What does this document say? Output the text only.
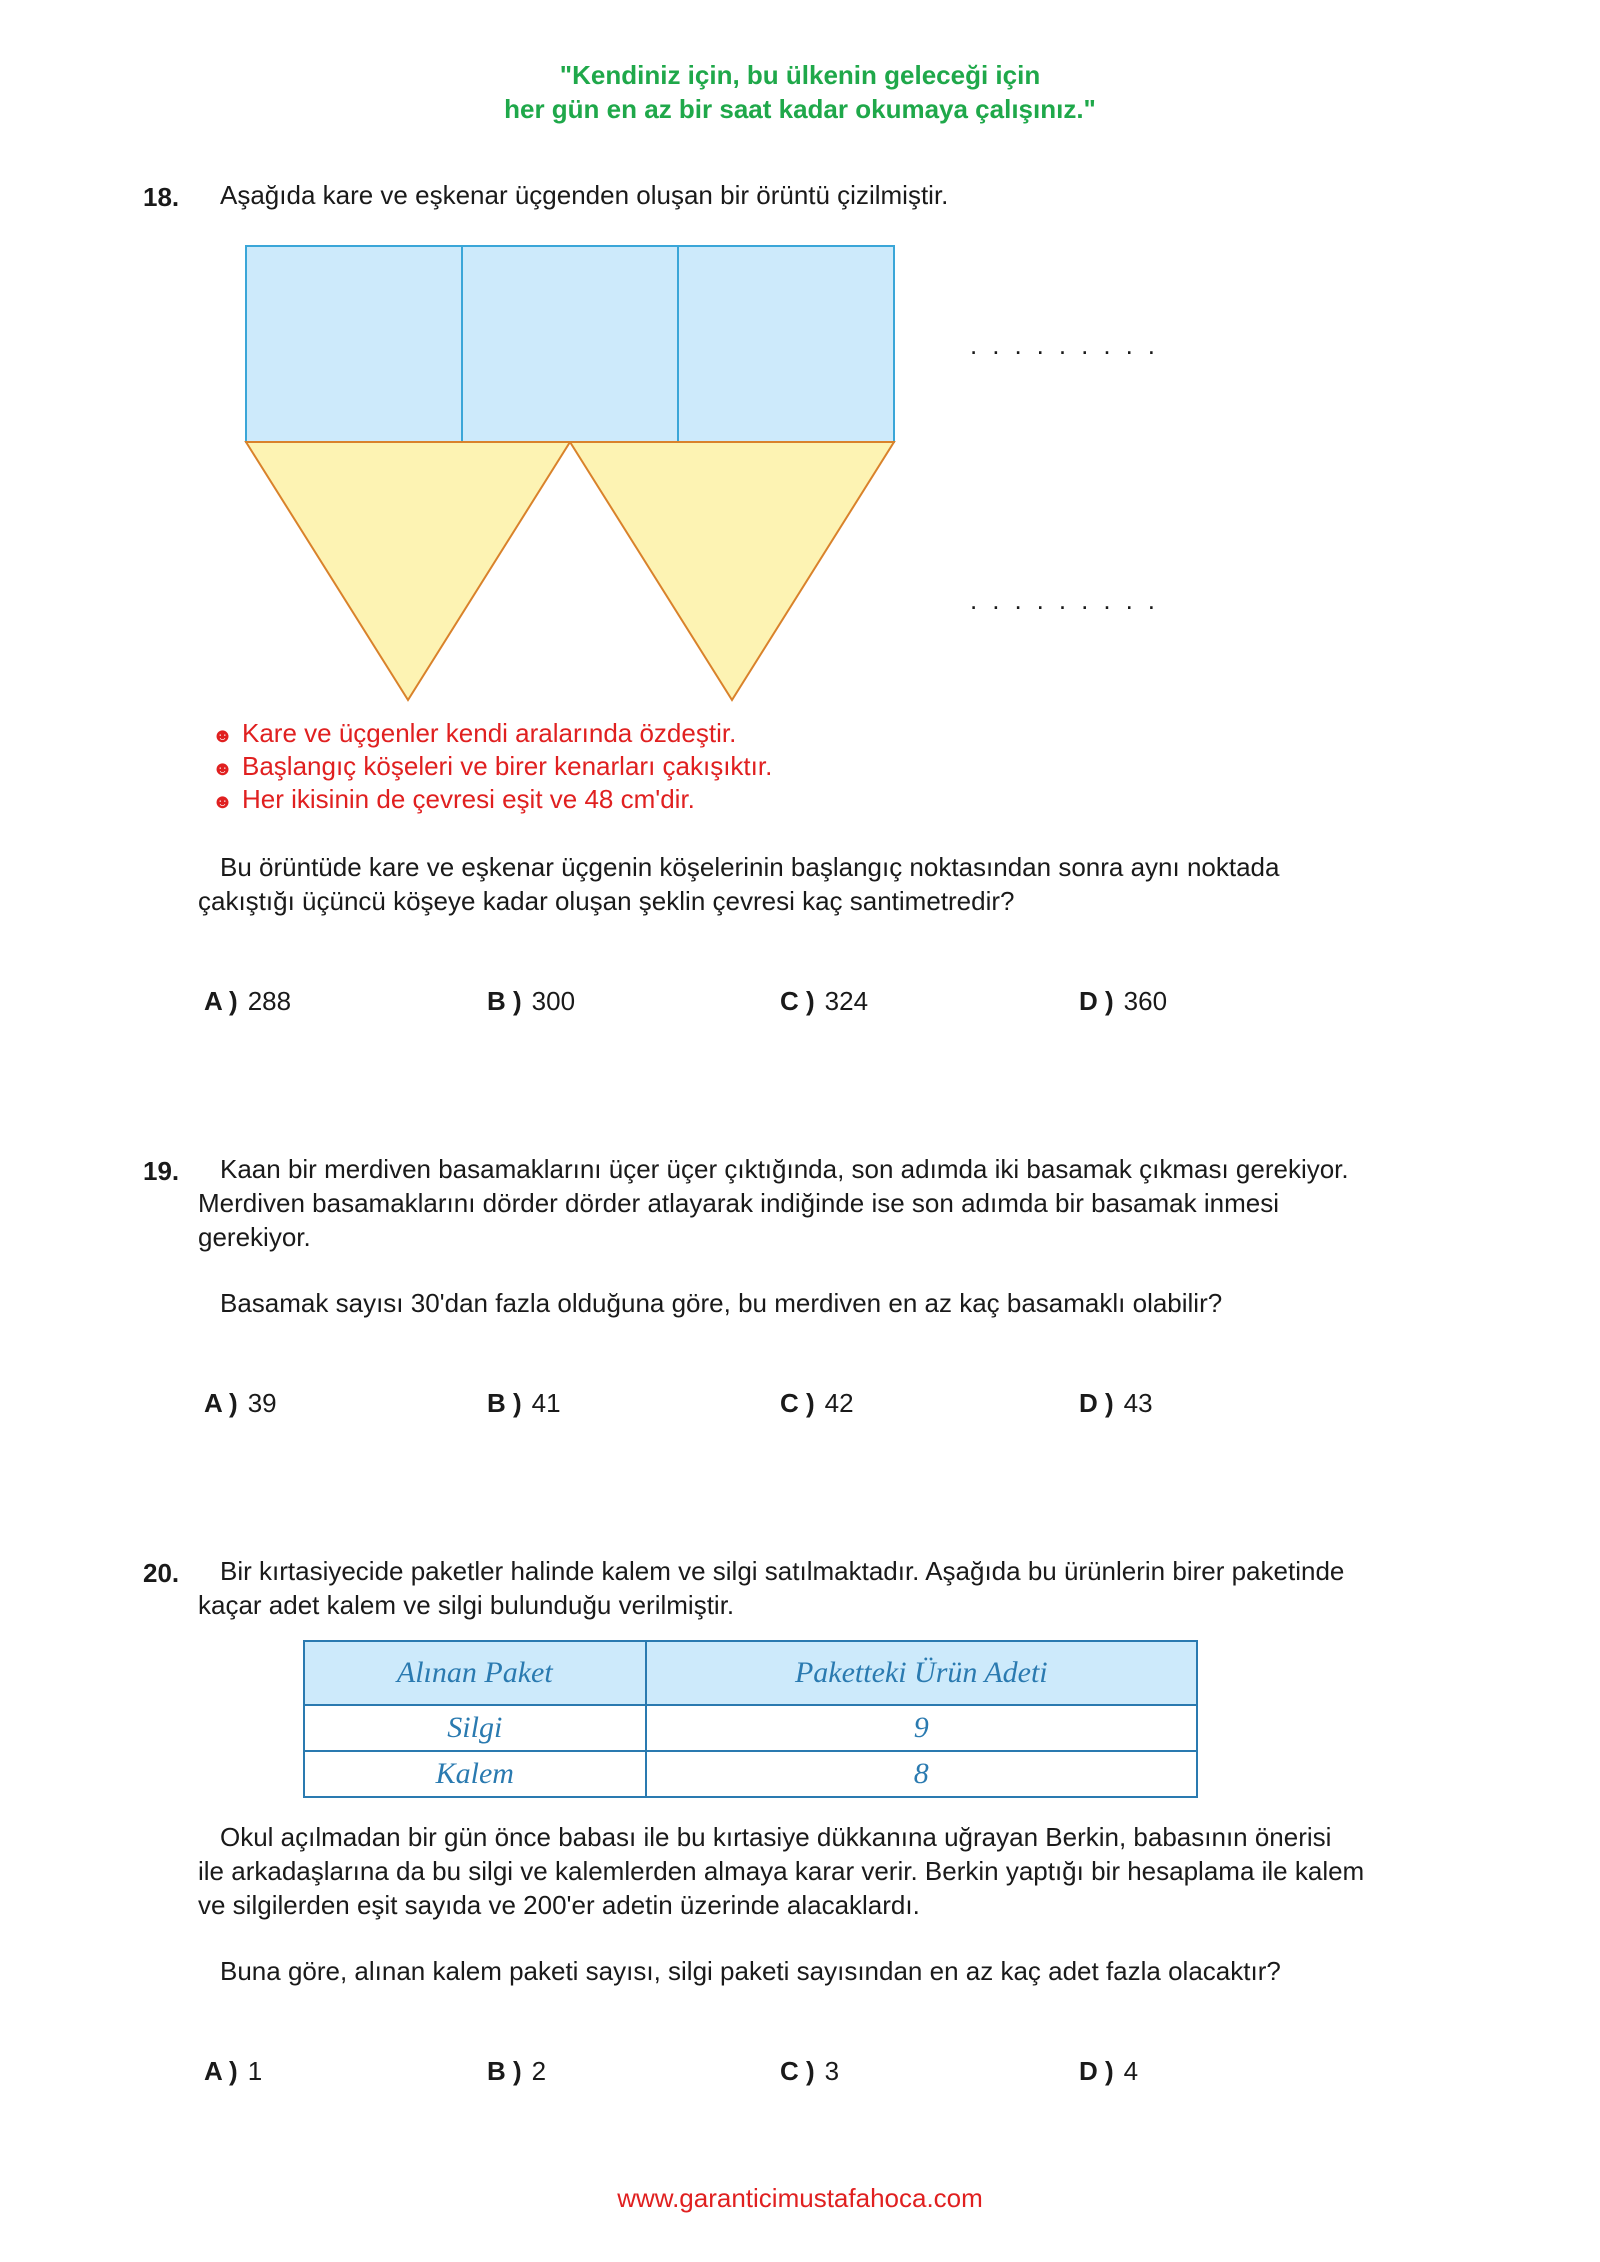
"Kendiniz için, bu ülkenin geleceği için
her gün en az bir saat kadar okumaya çalışınız."
18. Aşağıda kare ve eşkenar üçgenden oluşan bir örüntü çizilmiştir.
.........
.........
☻ Kare ve üçgenler kendi aralarında özdeştir.
☻ Başlangıç köşeleri ve birer kenarları çakışıktır.
☻ Her ikisinin de çevresi eşit ve 48 cm'dir.
Bu örüntüde kare ve eşkenar üçgenin köşelerinin başlangıç noktasından sonra aynı noktada
çakıştığı üçüncü köşeye kadar oluşan şeklin çevresi kaç santimetredir?
A ) 288	B ) 300	C ) 324	D ) 360
19. Kaan bir merdiven basamaklarını üçer üçer çıktığında, son adımda iki basamak çıkması gerekiyor.
Merdiven basamaklarını dörder dörder atlayarak indiğinde ise son adımda bir basamak inmesi
gerekiyor.
Basamak sayısı 30'dan fazla olduğuna göre, bu merdiven en az kaç basamaklı olabilir?
A ) 39	B ) 41	C ) 42	D ) 43
20. Bir kırtasiyecide paketler halinde kalem ve silgi satılmaktadır. Aşağıda bu ürünlerin birer paketinde
kaçar adet kalem ve silgi bulunduğu verilmiştir.
Alınan Paket	Paketteki Ürün Adeti
Silgi	9
Kalem	8
Okul açılmadan bir gün önce babası ile bu kırtasiye dükkanına uğrayan Berkin, babasının önerisi
ile arkadaşlarına da bu silgi ve kalemlerden almaya karar verir. Berkin yaptığı bir hesaplama ile kalem
ve silgilerden eşit sayıda ve 200'er adetin üzerinde alacaklardı.
Buna göre, alınan kalem paketi sayısı, silgi paketi sayısından en az kaç adet fazla olacaktır?
A ) 1	B ) 2	C ) 3	D ) 4
www.garanticimustafahoca.com
